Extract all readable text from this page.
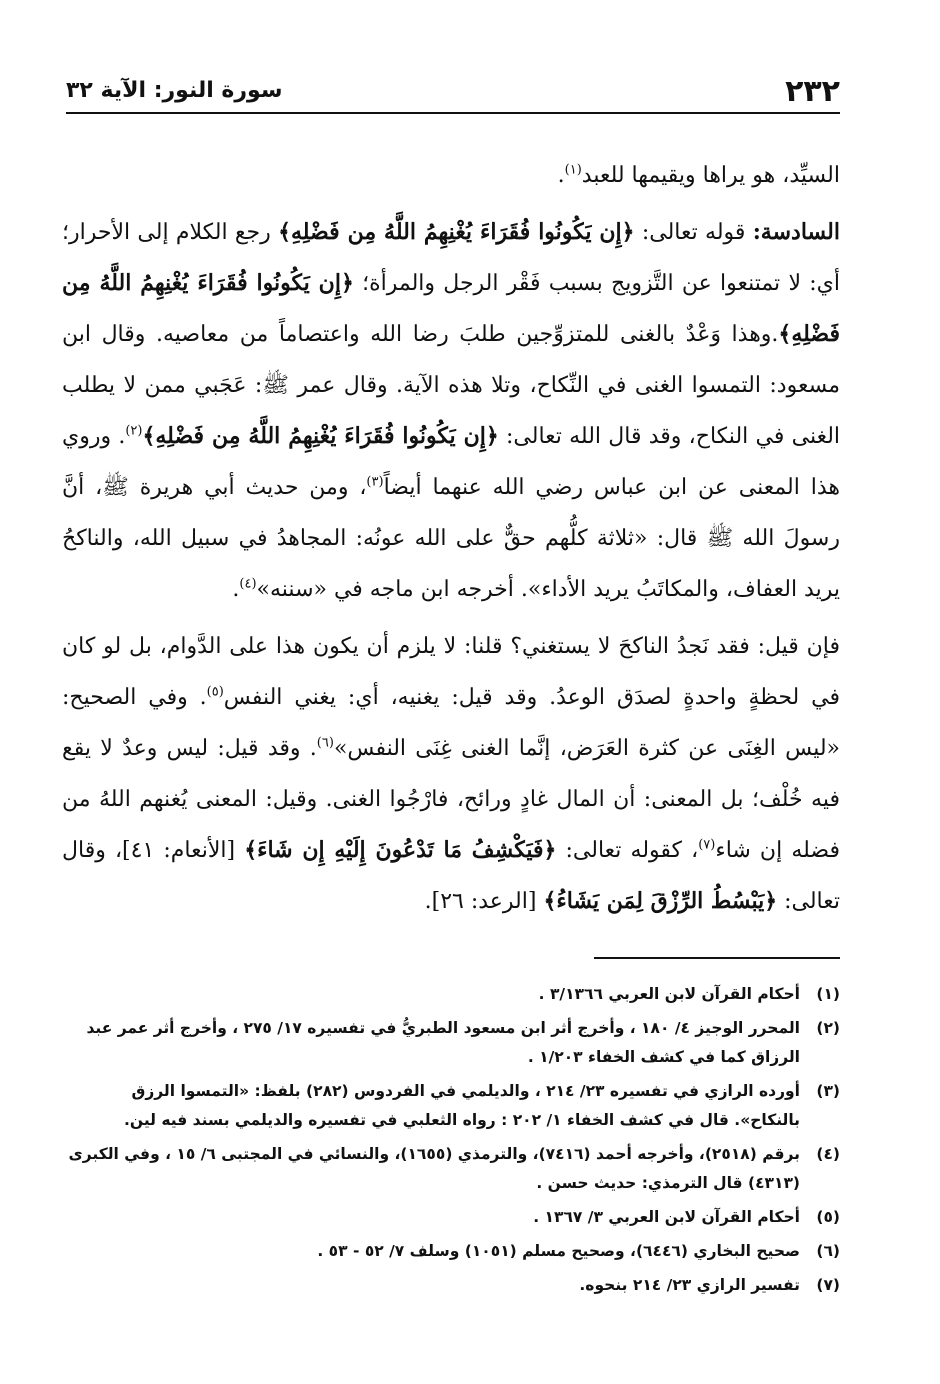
٢٣٢
سورة النور: الآية ٣٢

السيِّد، هو يراها ويقيمها للعبد$^{(١)}$.

السادسة: قوله تعالى: ﴿إِن يَكُونُوا فُقَرَاءَ يُغْنِهِمُ اللَّهُ مِن فَضْلِهِ﴾ رجع الكلام إلى الأحرار؛ أي: لا تمتنعوا عن التَّزويج بسبب فَقْر الرجل والمرأة؛ ﴿إِن يَكُونُوا فُقَرَاءَ يُغْنِهِمُ اللَّهُ مِن فَضْلِهِ﴾.وهذا وَعْدٌ بالغنى للمتزوِّجين طلبَ رضا الله واعتصاماً من معاصيه. وقال ابن مسعود: التمسوا الغنى في النِّكاح، وتلا هذه الآية. وقال عمر ﷺ: عَجَبي ممن لا يطلب الغنى في النكاح، وقد قال الله تعالى: ﴿إِن يَكُونُوا فُقَرَاءَ يُغْنِهِمُ اللَّهُ مِن فَضْلِهِ﴾$^{(٢)}$. وروي هذا المعنى عن ابن عباس رضي الله عنهما أيضاً$^{(٣)}$، ومن حديث أبي هريرة ﷺ، أنَّ رسولَ الله ﷺ قال: «ثلاثة كلُّهم حقٌّ على الله عونُه: المجاهدُ في سبيل الله، والناكحُ يريد العفاف، والمكاتَبُ يريد الأداء». أخرجه ابن ماجه في «سننه»$^{(٤)}$.

فإن قيل: فقد نَجدُ الناكحَ لا يستغني؟ قلنا: لا يلزم أن يكون هذا على الدَّوام، بل لو كان في لحظةٍ واحدةٍ لصدَق الوعدُ. وقد قيل: يغنيه، أي: يغني النفس$^{(٥)}$. وفي الصحيح: «ليس الغِنَى عن كثرة العَرَض، إنَّما الغنى غِنَى النفس»$^{(٦)}$. وقد قيل: ليس وعدٌ لا يقع فيه خُلْف؛ بل المعنى: أن المال غادٍ ورائح، فارْجُوا الغنى. وقيل: المعنى يُغنهم اللهُ من فضله إن شاء$^{(٧)}$، كقوله تعالى: ﴿فَيَكْشِفُ مَا تَدْعُونَ إِلَيْهِ إِن شَاءَ﴾ [الأنعام: ٤١]، وقال تعالى: ﴿يَبْسُطُ الرِّزْقَ لِمَن يَشَاءُ﴾ [الرعد: ٢٦].

(١)
أحكام القرآن لابن العربي ٣/١٣٦٦ .
(٢)
المحرر الوجيز ٤/ ١٨٠ ، وأخرج أثر ابن مسعود الطبريُّ في تفسيره ١٧/ ٢٧٥ ، وأخرج أثر عمر عبد الرزاق كما في كشف الخفاء ١/٢٠٣ .
(٣)
أورده الرازي في تفسيره ٢٣/ ٢١٤ ، والديلمي في الفردوس (٢٨٢) بلفظ: «التمسوا الرزق بالنكاح». قال في كشف الخفاء ١/ ٢٠٢ : رواه الثعلبي في تفسيره والديلمي بسند فيه لين.
(٤)
برقم (٢٥١٨)، وأخرجه أحمد (٧٤١٦)، والترمذي (١٦٥٥)، والنسائي في المجتبى ٦/ ١٥ ، وفي الكبرى (٤٣١٣) قال الترمذي: حديث حسن .
(٥)
أحكام القرآن لابن العربي ٣/ ١٣٦٧ .
(٦)
صحيح البخاري (٦٤٤٦)، وصحيح مسلم (١٠٥١) وسلف ٧/ ٥٢ - ٥٣ .
(٧)
تفسير الرازي ٢٣/ ٢١٤ بنحوه.
